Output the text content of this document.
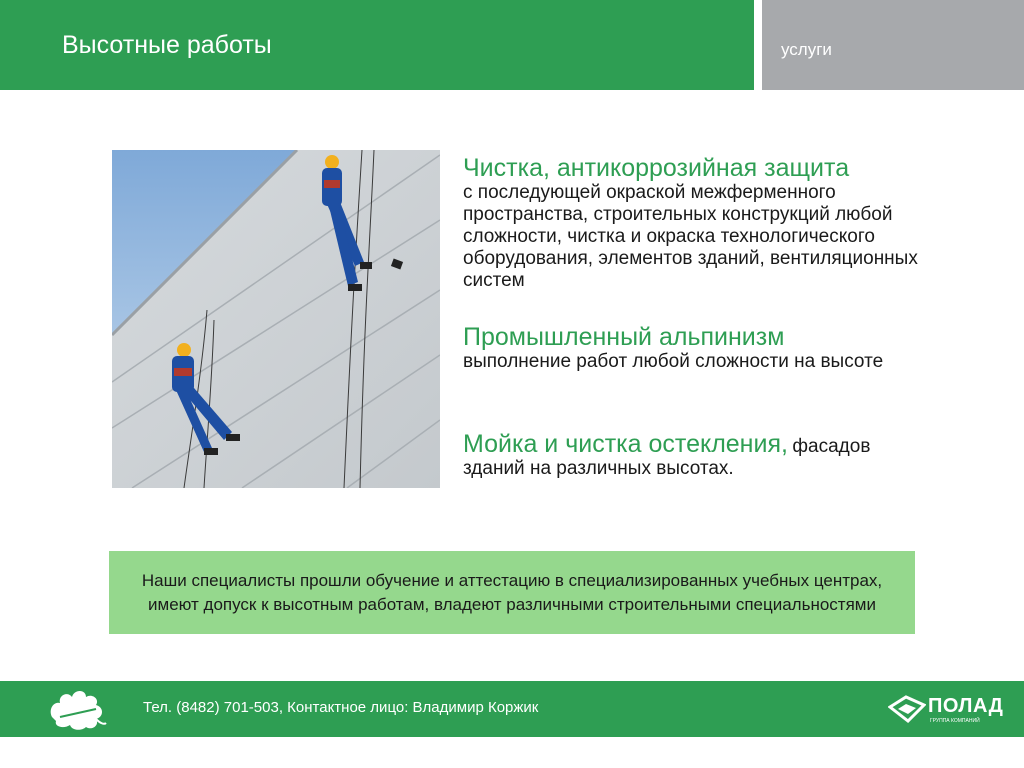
Высотные работы	услуги
Чистка, антикоррозийная защита
с последующей окраской межферменного пространства, строительных конструкций любой сложности, чистка и окраска технологического оборудования, элементов зданий, вентиляционных систем
Промышленный альпинизм
выполнение работ любой сложности на высоте
Мойка и чистка остекления, фасадов
зданий на различных высотах.
Наши специалисты прошли обучение и аттестацию в специализированных учебных центрах, имеют допуск к высотным работам, владеют различными строительными специальностями
Тел. (8482) 701-503, Контактное лицо: Владимир Коржик	ПОЛАД
ГРУППА КОМПАНИЙ
